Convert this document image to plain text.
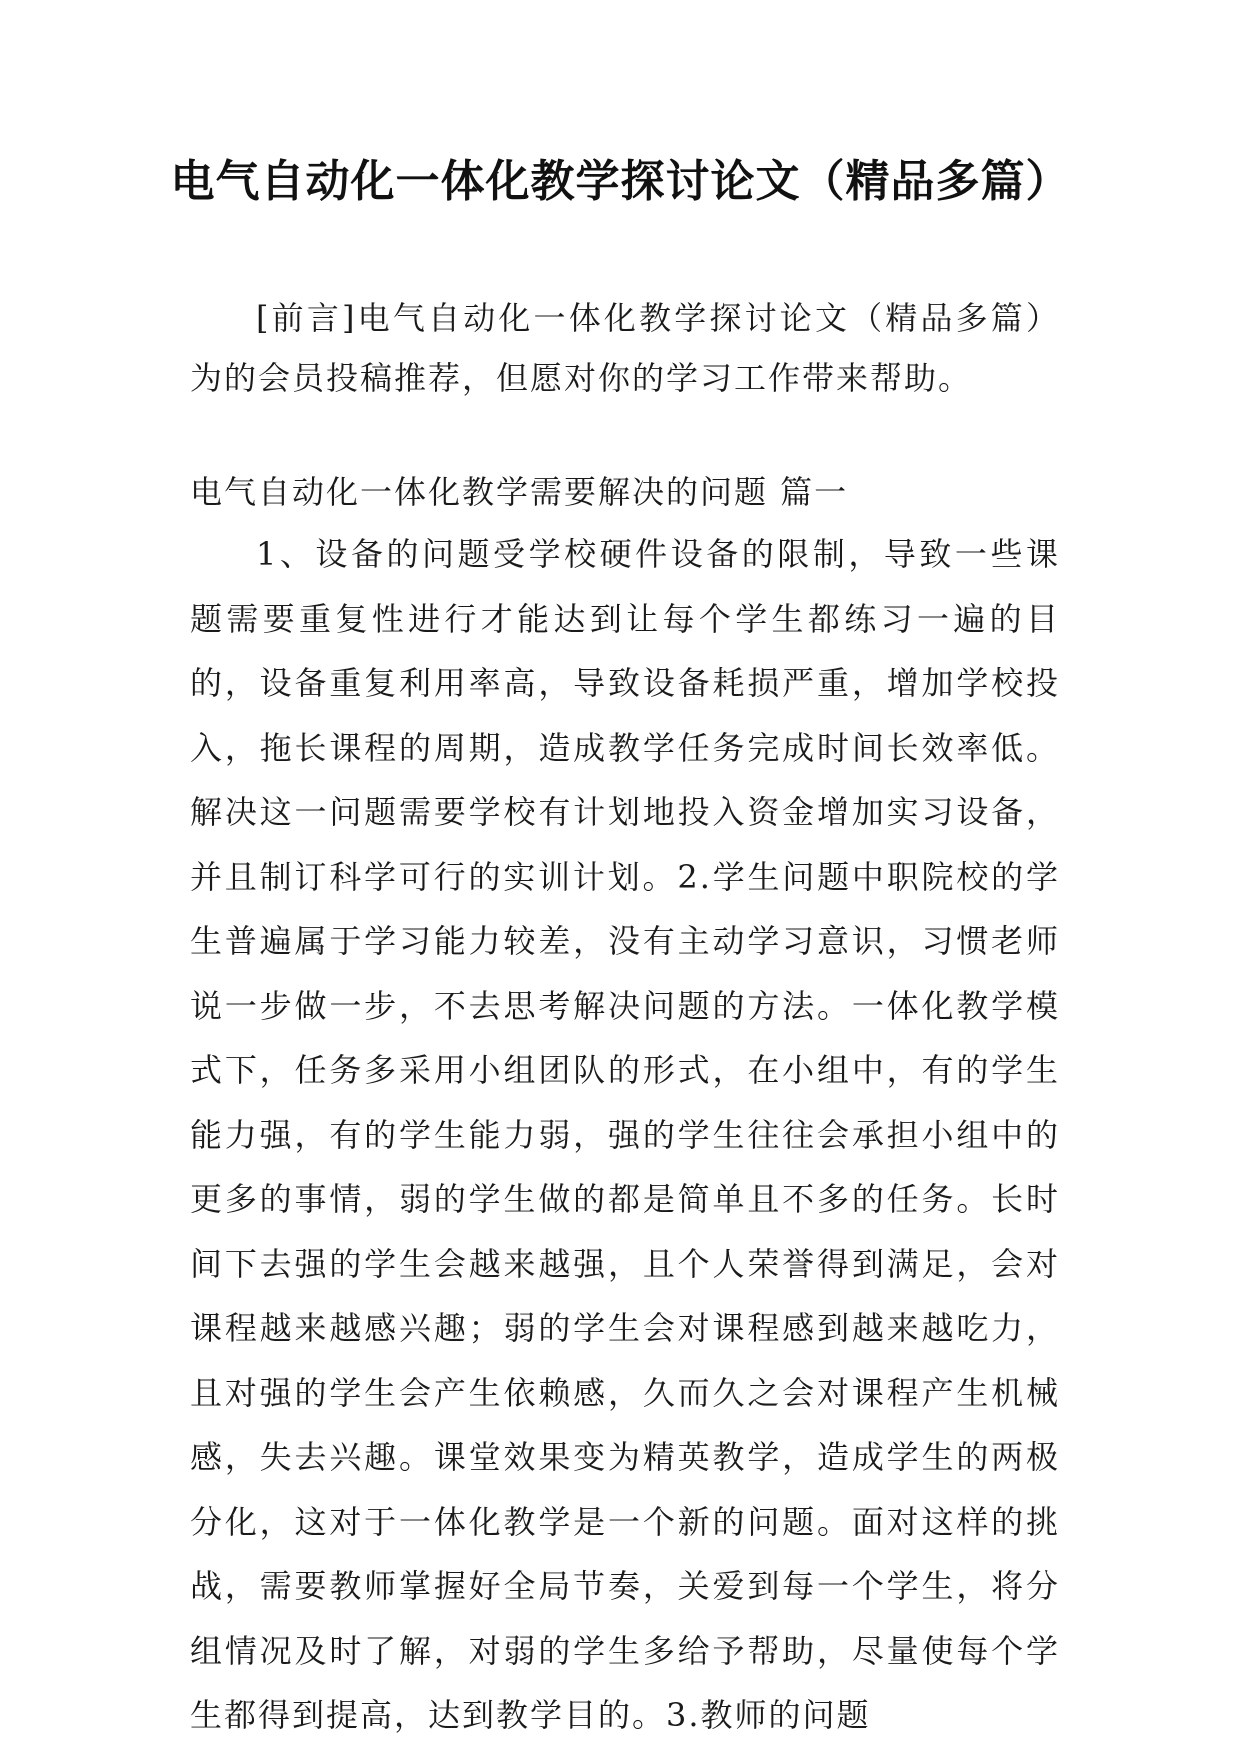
电气自动化一体化教学探讨论文（精品多篇）
[前言]电气自动化一体化教学探讨论文（精品多篇）为的会员投稿推荐，但愿对你的学习工作带来帮助。
电气自动化一体化教学需要解决的问题 篇一
1、设备的问题受学校硬件设备的限制，导致一些课题需要重复性进行才能达到让每个学生都练习一遍的目的，设备重复利用率高，导致设备耗损严重，增加学校投入，拖长课程的周期，造成教学任务完成时间长效率低。解决这一问题需要学校有计划地投入资金增加实习设备，并且制订科学可行的实训计划。2.学生问题中职院校的学生普遍属于学习能力较差，没有主动学习意识，习惯老师说一步做一步，不去思考解决问题的方法。一体化教学模式下，任务多采用小组团队的形式，在小组中，有的学生能力强，有的学生能力弱，强的学生往往会承担小组中的更多的事情，弱的学生做的都是简单且不多的任务。长时间下去强的学生会越来越强，且个人荣誉得到满足，会对课程越来越感兴趣；弱的学生会对课程感到越来越吃力，且对强的学生会产生依赖感，久而久之会对课程产生机械感，失去兴趣。课堂效果变为精英教学，造成学生的两极分化，这对于一体化教学是一个新的问题。面对这样的挑战，需要教师掌握好全局节奏，关爱到每一个学生，将分组情况及时了解，对弱的学生多给予帮助，尽量使每个学生都得到提高，达到教学目的。3.教师的问题
